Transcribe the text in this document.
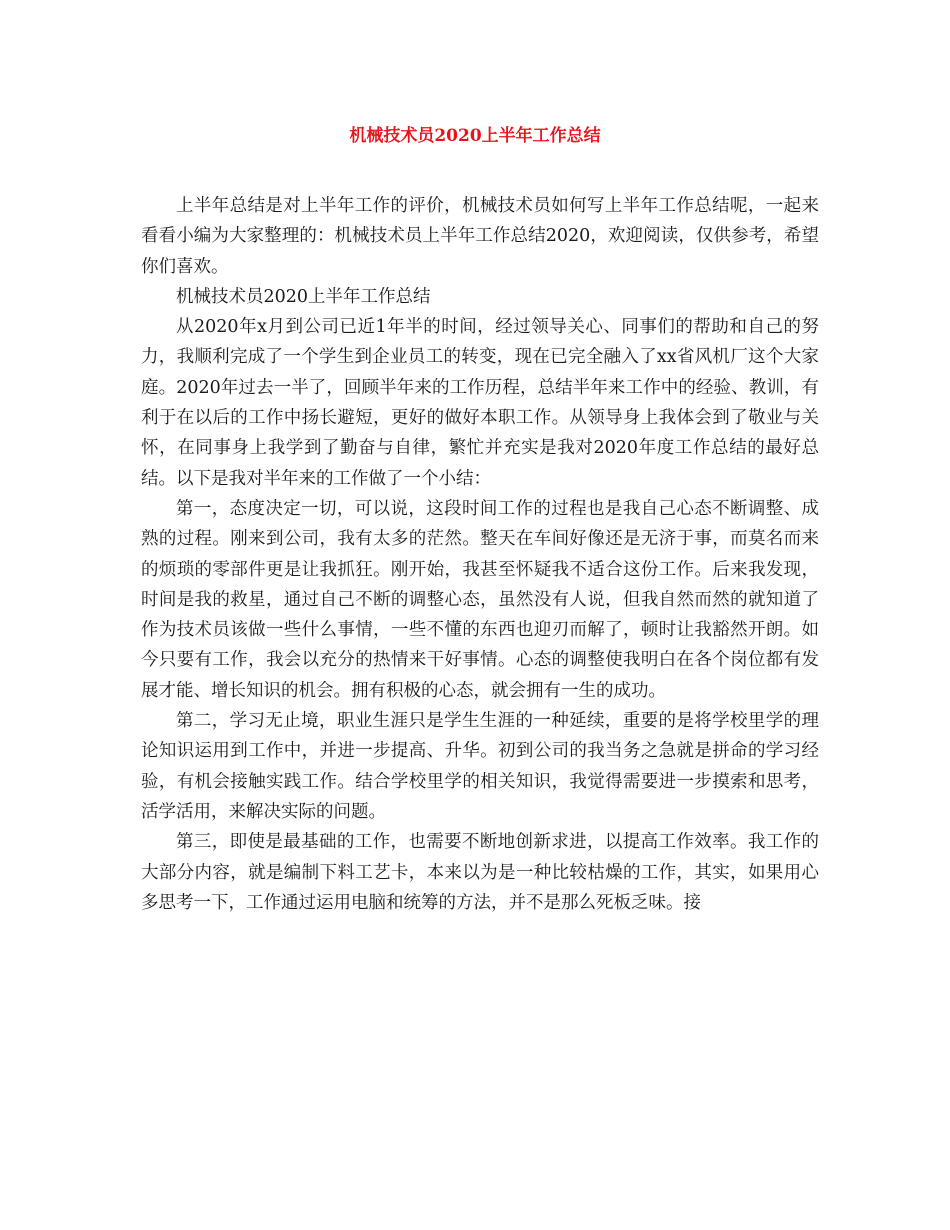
机械技术员2020上半年工作总结

上半年总结是对上半年工作的评价，机械技术员如何写上半年工作总结呢，一起来看看小编为大家整理的：机械技术员上半年工作总结2020，欢迎阅读，仅供参考，希望你们喜欢。

机械技术员2020上半年工作总结

从2020年x月到公司已近1年半的时间，经过领导关心、同事们的帮助和自己的努力，我顺利完成了一个学生到企业员工的转变，现在已完全融入了xx省风机厂这个大家庭。2020年过去一半了，回顾半年来的工作历程，总结半年来工作中的经验、教训，有利于在以后的工作中扬长避短，更好的做好本职工作。从领导身上我体会到了敬业与关怀，在同事身上我学到了勤奋与自律，繁忙并充实是我对2020年度工作总结的最好总结。以下是我对半年来的工作做了一个小结：

第一，态度决定一切，可以说，这段时间工作的过程也是我自己心态不断调整、成熟的过程。刚来到公司，我有太多的茫然。整天在车间好像还是无济于事，而莫名而来的烦琐的零部件更是让我抓狂。刚开始，我甚至怀疑我不适合这份工作。后来我发现，时间是我的救星，通过自己不断的调整心态，虽然没有人说，但我自然而然的就知道了作为技术员该做一些什么事情，一些不懂的东西也迎刃而解了，顿时让我豁然开朗。如今只要有工作，我会以充分的热情来干好事情。心态的调整使我明白在各个岗位都有发展才能、增长知识的机会。拥有积极的心态，就会拥有一生的成功。

第二，学习无止境，职业生涯只是学生生涯的一种延续，重要的是将学校里学的理论知识运用到工作中，并进一步提高、升华。初到公司的我当务之急就是拼命的学习经验，有机会接触实践工作。结合学校里学的相关知识，我觉得需要进一步摸索和思考，活学活用，来解决实际的问题。

第三，即使是最基础的工作，也需要不断地创新求进，以提高工作效率。我工作的大部分内容，就是编制下料工艺卡，本来以为是一种比较枯燥的工作，其实，如果用心多思考一下，工作通过运用电脑和统筹的方法，并不是那么死板乏味。接
